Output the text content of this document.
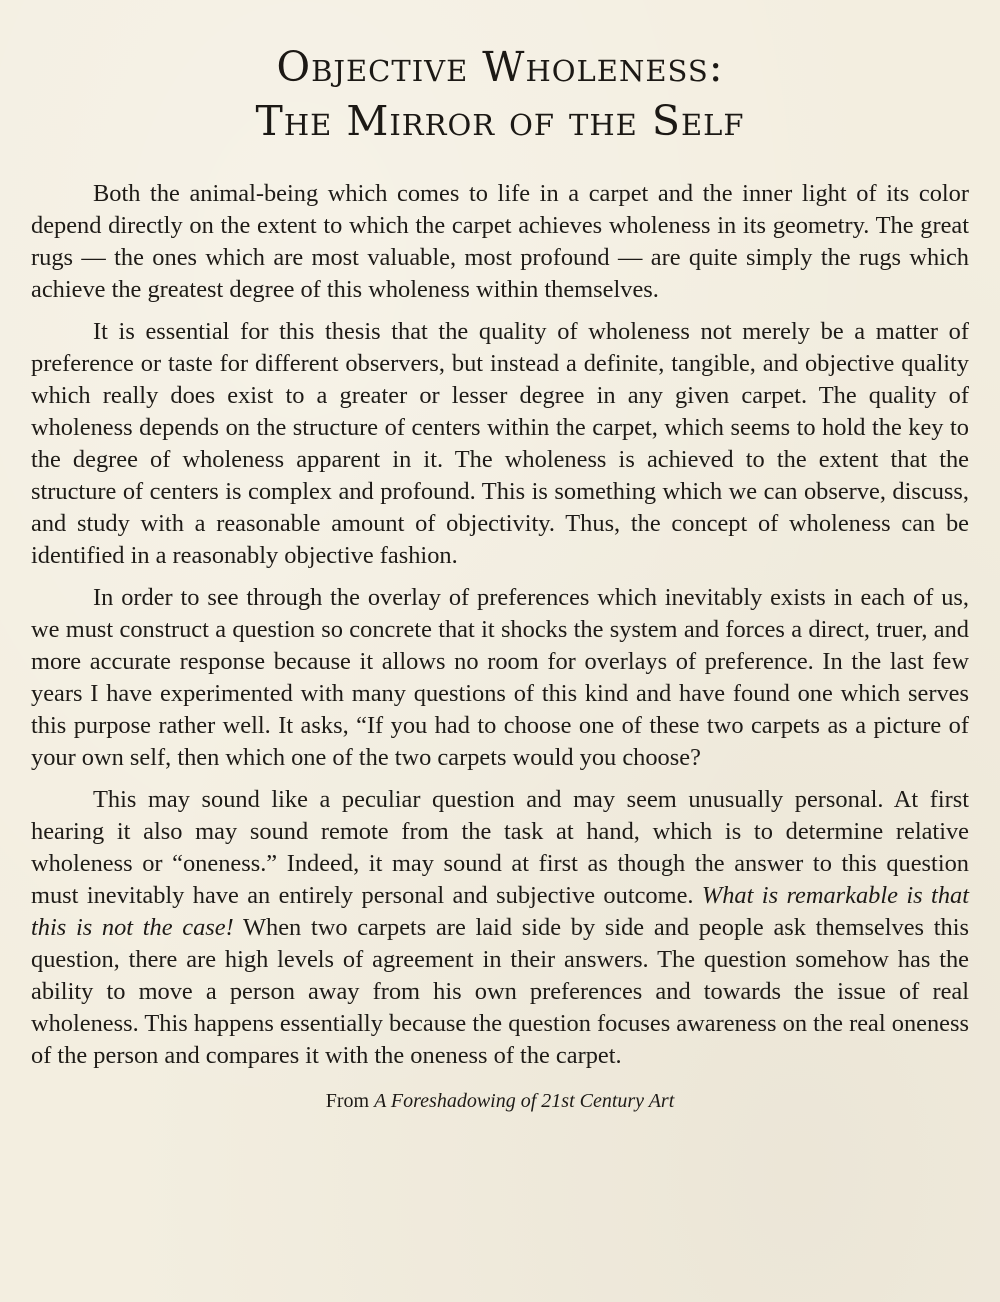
Objective Wholeness:
The Mirror of the Self

Both the animal-being which comes to life in a carpet and the inner light of its color depend directly on the extent to which the carpet achieves wholeness in its geometry. The great rugs — the ones which are most valuable, most profound — are quite simply the rugs which achieve the greatest degree of this wholeness within themselves.

It is essential for this thesis that the quality of wholeness not merely be a matter of preference or taste for different observers, but instead a definite, tangible, and objective quality which really does exist to a greater or lesser degree in any given carpet. The quality of wholeness depends on the structure of centers within the carpet, which seems to hold the key to the degree of wholeness apparent in it. The wholeness is achieved to the extent that the structure of centers is complex and profound. This is something which we can observe, discuss, and study with a reasonable amount of objectivity. Thus, the concept of wholeness can be identified in a reasonably objective fashion.

In order to see through the overlay of preferences which inevitably exists in each of us, we must construct a question so concrete that it shocks the system and forces a direct, truer, and more accurate response because it allows no room for overlays of preference. In the last few years I have experimented with many questions of this kind and have found one which serves this purpose rather well. It asks, “If you had to choose one of these two carpets as a picture of your own self, then which one of the two carpets would you choose?

This may sound like a peculiar question and may seem unusually personal. At first hearing it also may sound remote from the task at hand, which is to determine relative wholeness or “oneness.” Indeed, it may sound at first as though the answer to this question must inevitably have an entirely personal and subjective outcome. What is remarkable is that this is not the case! When two carpets are laid side by side and people ask themselves this question, there are high levels of agreement in their answers. The question somehow has the ability to move a person away from his own preferences and towards the issue of real wholeness. This happens essentially because the question focuses awareness on the real oneness of the person and compares it with the oneness of the carpet.

From A Foreshadowing of 21st Century Art
